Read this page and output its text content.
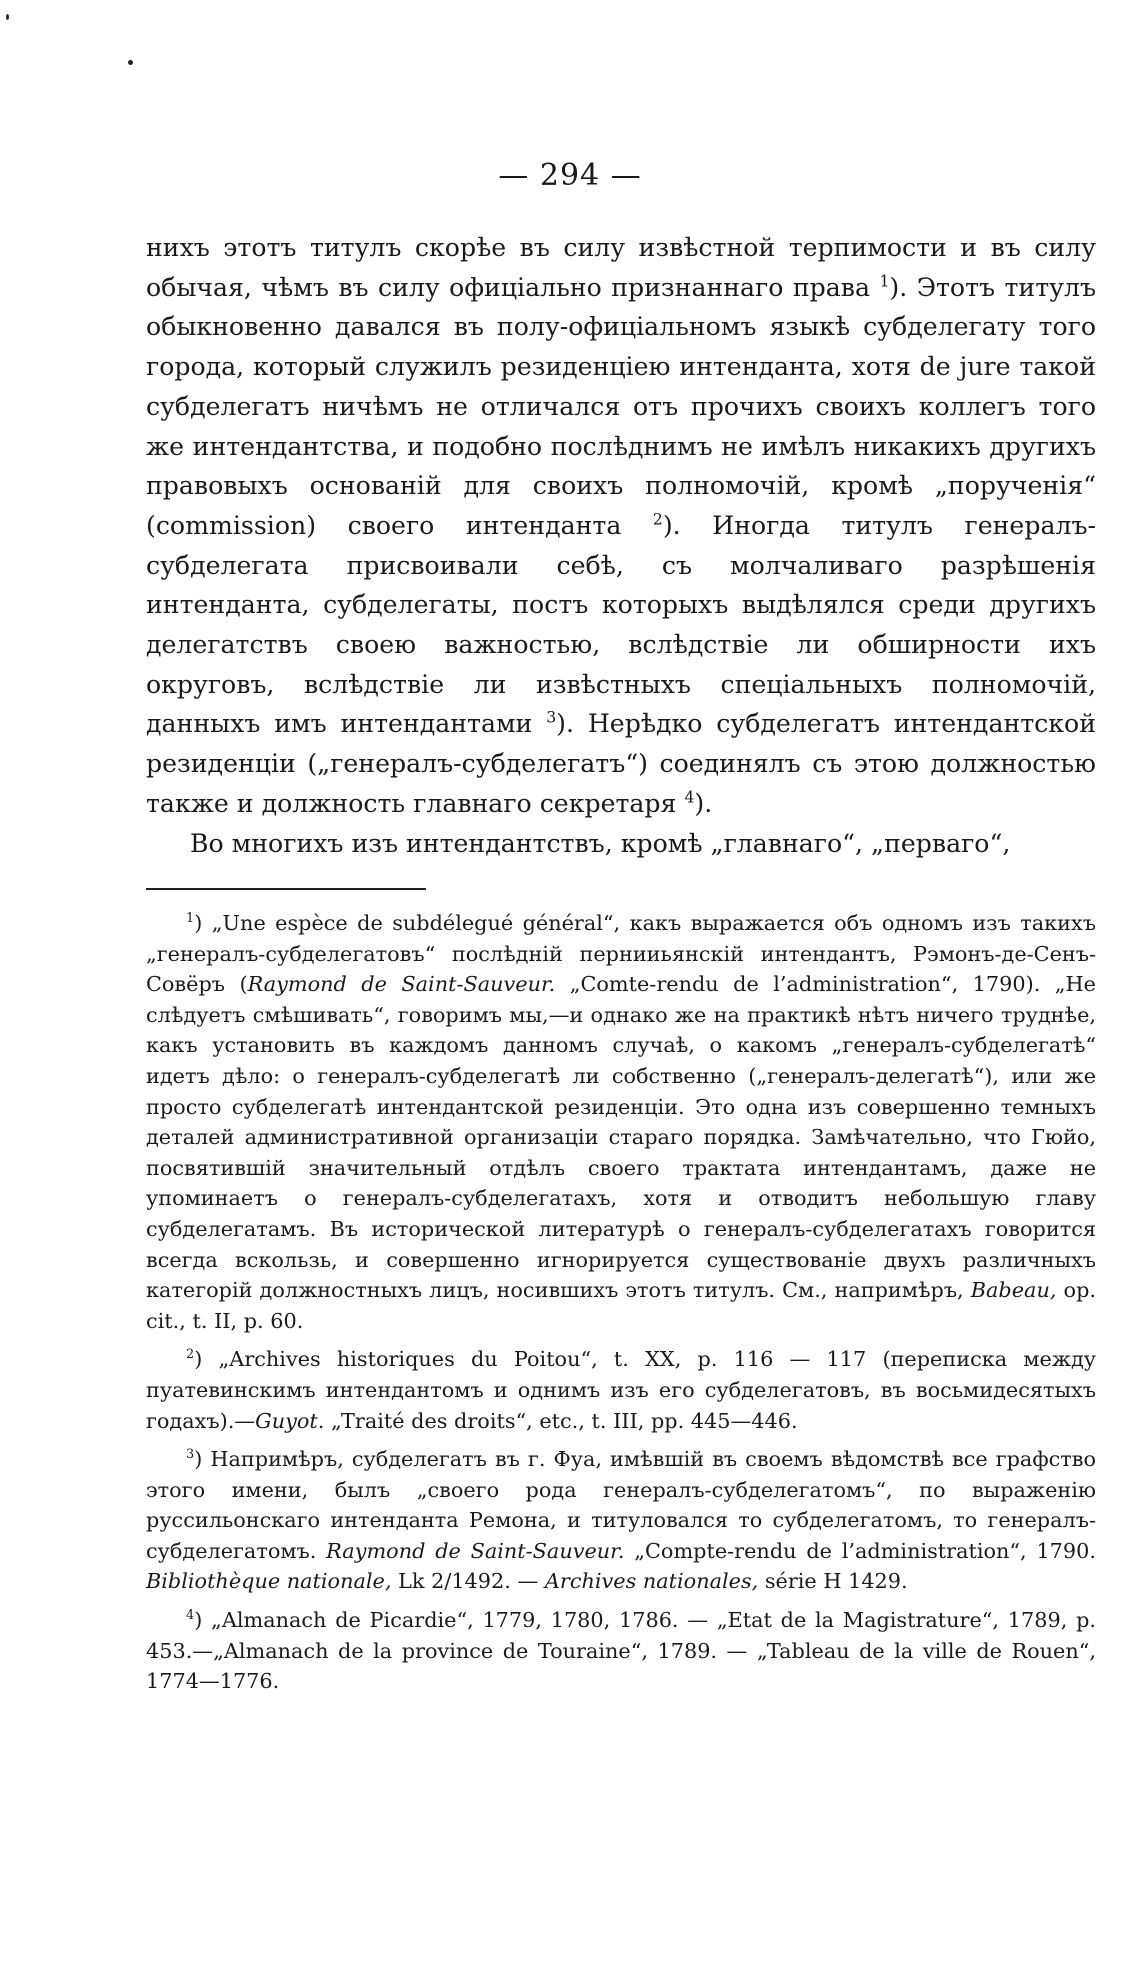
— 294 —

нихъ этотъ титулъ скорѣе въ силу извѣстной терпимости и въ силу обычая, чѣмъ въ силу офиціально признаннаго права $^1$). Этотъ титулъ обыкновенно давался въ полу-офиціальномъ языкѣ субделегату того города, который служилъ резиденціею интенданта, хотя de jure такой субделегатъ ничѣмъ не отличался отъ прочихъ своихъ коллегъ того же интендантства, и подобно послѣднимъ не имѣлъ никакихъ другихъ правовыхъ основаній для своихъ полномочій, кромѣ „порученія“ (commission) своего интенданта $^2$). Иногда титулъ генералъ-субделегата присвоивали себѣ, съ молчаливаго разрѣшенія интенданта, субделегаты, постъ которыхъ выдѣлялся среди другихъ делегатствъ своею важностью, вслѣдствіе ли обширности ихъ округовъ, вслѣдствіе ли извѣстныхъ спеціальныхъ полномочій, данныхъ имъ интендантами $^3$). Нерѣдко субделегатъ интендантской резиденціи („генералъ-субделегатъ“) соединялъ съ этою должностью также и должность главнаго секретаря $^4$).

Во многихъ изъ интендантствъ, кромѣ „главнаго“, „перваго“,

$^1$) „Une espèce de subdélegué général“, какъ выражается объ одномъ изъ такихъ „генералъ-субделегатовъ“ послѣдній пернииьянскій интендантъ, Рэмонъ-де-Сенъ-Совёръ (Raymond de Saint-Sauveur. „Comte-rendu de l’administration“, 1790). „Не слѣдуетъ смѣшивать“, говоримъ мы,—и однако же на практикѣ нѣтъ ничего труднѣе, какъ установить въ каждомъ данномъ случаѣ, о какомъ „генералъ-субделегатѣ“ идетъ дѣло: о генералъ-субделегатѣ ли собственно („генералъ-делегатѣ“), или же просто субделегатѣ интендантской резиденціи. Это одна изъ совершенно темныхъ деталей административной организаціи стараго порядка. Замѣчательно, что Гюйо, посвятившій значительный отдѣлъ своего трактата интендантамъ, даже не упоминаетъ о генералъ-субделегатахъ, хотя и отводитъ небольшую главу субделегатамъ. Въ исторической литературѣ о генералъ-субделегатахъ говорится всегда вскользь, и совершенно игнорируется существованіе двухъ различныхъ категорій должностныхъ лицъ, носившихъ этотъ титулъ. См., напримѣръ, Babeau, op. cit., t. II, p. 60.

$^2$) „Archives historiques du Poitou“, t. XX, p. 116 — 117 (переписка между пуатевинскимъ интендантомъ и однимъ изъ его субделегатовъ, въ восьмидесятыхъ годахъ).—Guyot. „Traité des droits“, etc., t. III, pp. 445—446.

$^3$) Напримѣръ, субделегатъ въ г. Фуа, имѣвшій въ своемъ вѣдомствѣ все графство этого имени, былъ „своего рода генералъ-субделегатомъ“, по выраженію руссильонскаго интенданта Ремона, и титуловался то субделегатомъ, то генералъ-субделегатомъ. Raymond de Saint-Sauveur. „Compte-rendu de l’administration“, 1790. Bibliothèque nationale, Lk 2/1492. — Archives nationales, série H 1429.

$^4$) „Almanach de Picardie“, 1779, 1780, 1786. — „Etat de la Magistrature“, 1789, p. 453.—„Almanach de la province de Touraine“, 1789. — „Tableau de la ville de Rouen“, 1774—1776.
